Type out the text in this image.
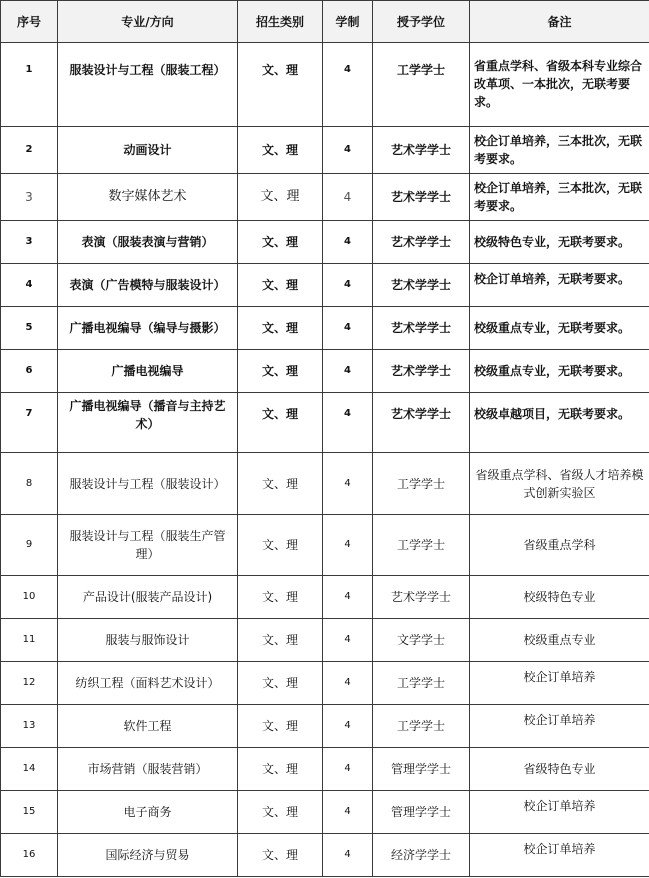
序号	专业/方向	招生类别	学制	授予学位	备注
1	服装设计与工程（服装工程）	文、理	4	工学学士	省重点学科、省级本科专业综合改革项、一本批次，无联考要求。
2	动画设计	文、理	4	艺术学学士	校企订单培养，三本批次，无联考要求。
3	数字媒体艺术	文、理	4	艺术学学士	校企订单培养，三本批次，无联考要求。
3	表演（服装表演与营销）	文、理	4	艺术学学士	校级特色专业，无联考要求。
4	表演（广告模特与服装设计）	文、理	4	艺术学学士	校企订单培养，无联考要求。
5	广播电视编导（编导与摄影）	文、理	4	艺术学学士	校级重点专业，无联考要求。
6	广播电视编导	文、理	4	艺术学学士	校级重点专业，无联考要求。
7	广播电视编导（播音与主持艺术）	文、理	4	艺术学学士	校级卓越项目，无联考要求。
8	服装设计与工程（服装设计）	文、理	4	工学学士	省级重点学科、省级人才培养模式创新实验区
9	服装设计与工程（服装生产管理）	文、理	4	工学学士	省级重点学科
10	产品设计(服装产品设计)	文、理	4	艺术学学士	校级特色专业
11	服装与服饰设计	文、理	4	文学学士	校级重点专业
12	纺织工程（面料艺术设计）	文、理	4	工学学士	校企订单培养
13	软件工程	文、理	4	工学学士	校企订单培养
14	市场营销（服装营销）	文、理	4	管理学学士	省级特色专业
15	电子商务	文、理	4	管理学学士	校企订单培养
16	国际经济与贸易	文、理	4	经济学学士	校企订单培养
